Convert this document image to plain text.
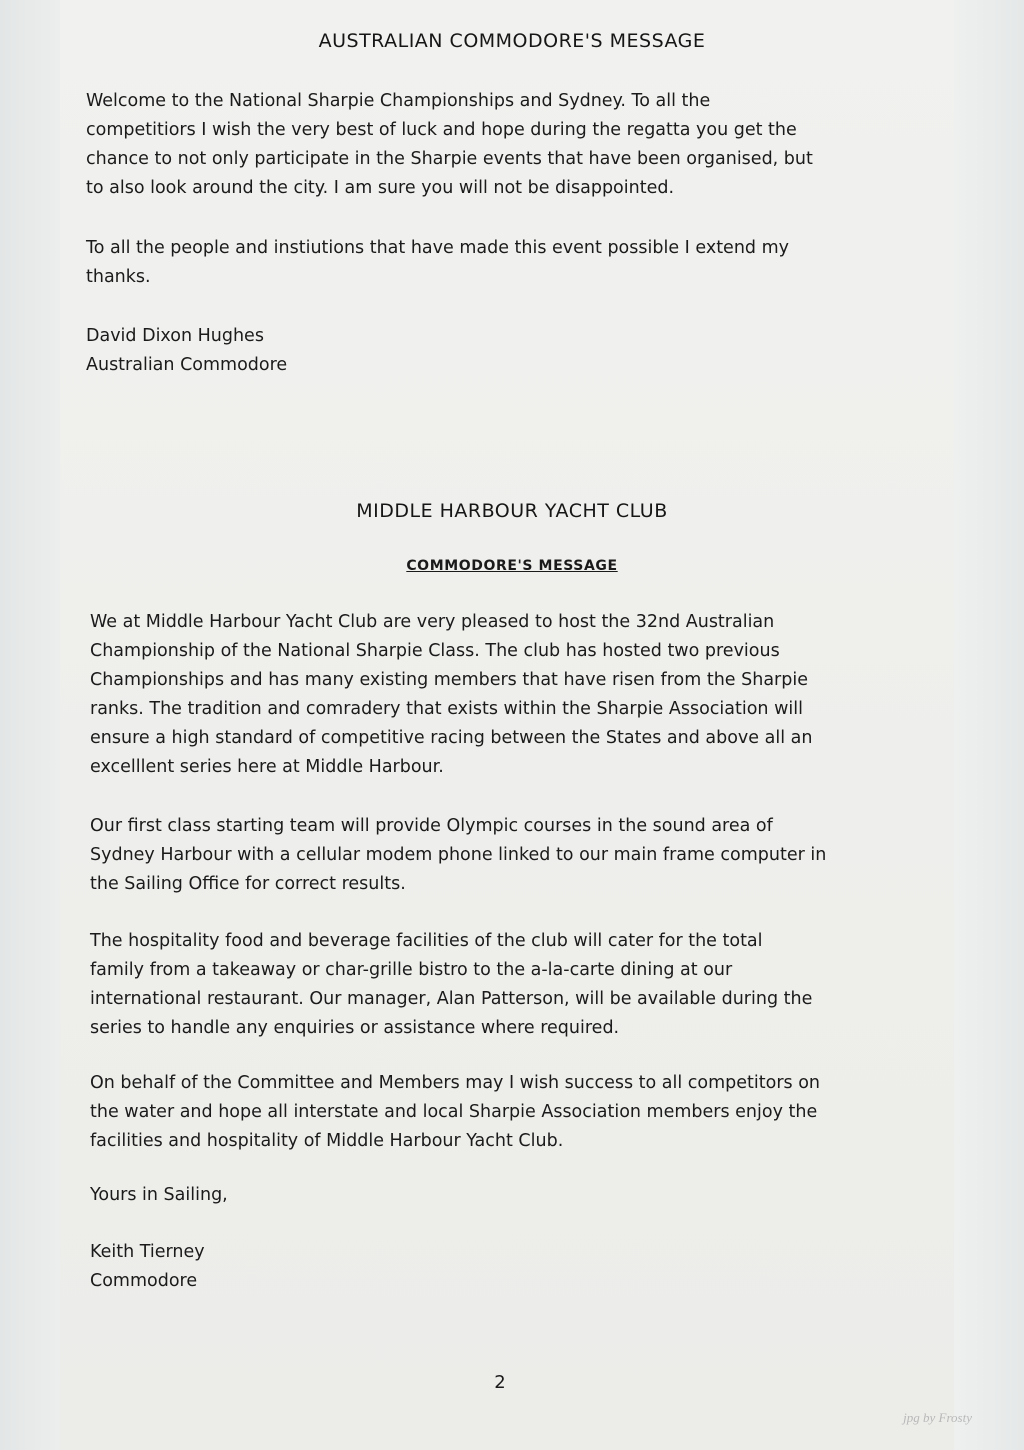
AUSTRALIAN COMMODORE'S MESSAGE
Welcome to the National Sharpie Championships and Sydney. To all the
competitiors I wish the very best of luck and hope during the regatta you get the
chance to not only participate in the Sharpie events that have been organised, but
to also look around the city. I am sure you will not be disappointed.
To all the people and instiutions that have made this event possible I extend my
thanks.
David Dixon Hughes
Australian Commodore
MIDDLE HARBOUR YACHT CLUB
COMMODORE'S MESSAGE
We at Middle Harbour Yacht Club are very pleased to host the 32nd Australian
Championship of the National Sharpie Class. The club has hosted two previous
Championships and has many existing members that have risen from the Sharpie
ranks. The tradition and comradery that exists within the Sharpie Association will
ensure a high standard of competitive racing between the States and above all an
excelllent series here at Middle Harbour.
Our first class starting team will provide Olympic courses in the sound area of
Sydney Harbour with a cellular modem phone linked to our main frame computer in
the Sailing Office for correct results.
The hospitality food and beverage facilities of the club will cater for the total
family from a takeaway or char-grille bistro to the a-la-carte dining at our
international restaurant. Our manager, Alan Patterson, will be available during the
series to handle any enquiries or assistance where required.
On behalf of the Committee and Members may I wish success to all competitors on
the water and hope all interstate and local Sharpie Association members enjoy the
facilities and hospitality of Middle Harbour Yacht Club.
Yours in Sailing,
Keith Tierney
Commodore
2
jpg by Frosty
